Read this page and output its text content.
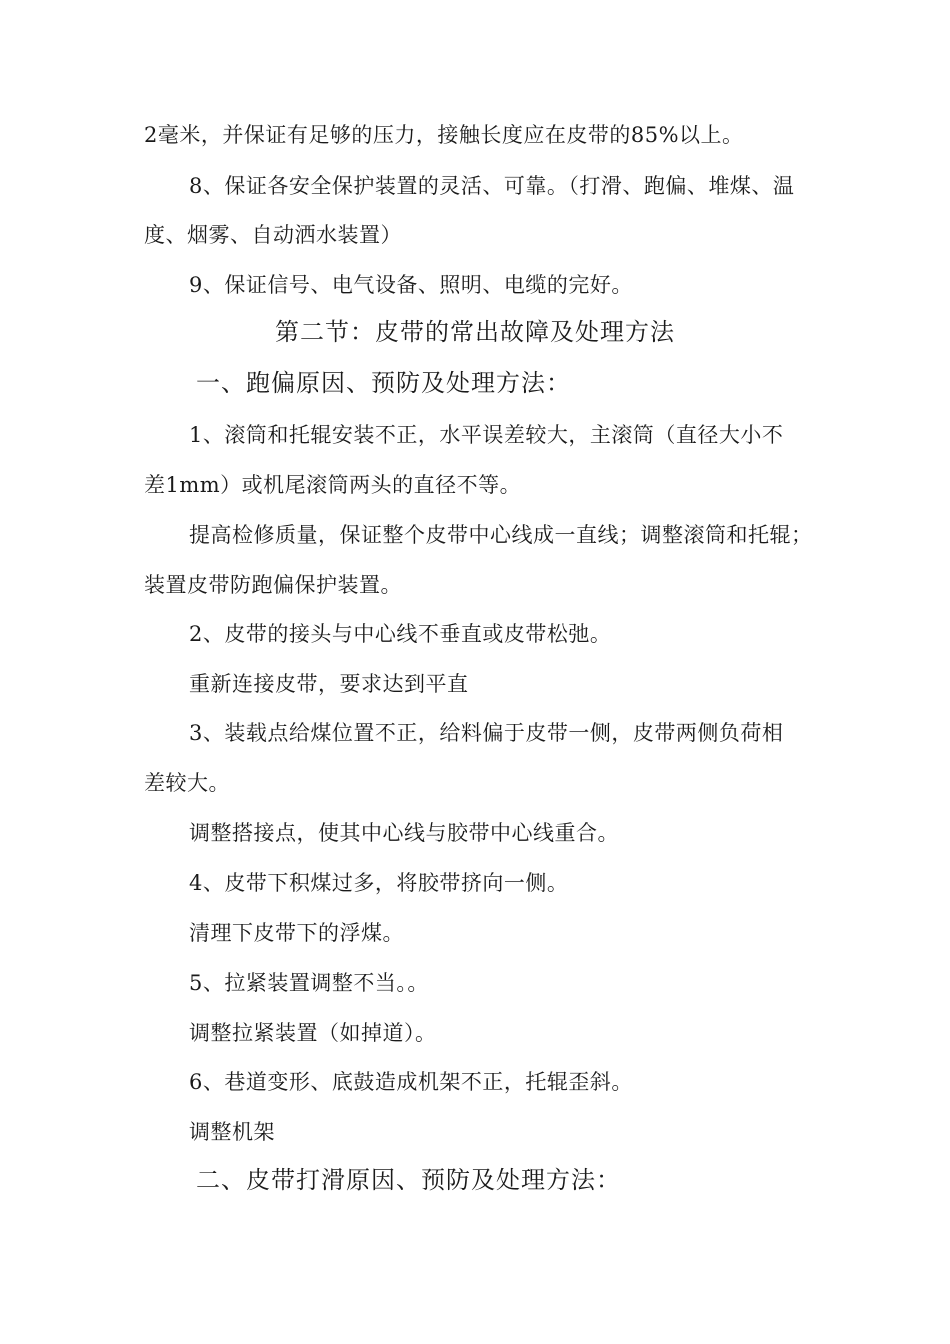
2毫米，并保证有足够的压力，接触长度应在皮带的85%以上。
8、保证各安全保护装置的灵活、可靠。（打滑、跑偏、堆煤、温
度、烟雾、自动洒水装置）
9、保证信号、电气设备、照明、电缆的完好。
第二节：皮带的常出故障及处理方法
一、跑偏原因、预防及处理方法：
1、滚筒和托辊安装不正，水平误差较大，主滚筒（直径大小不
差1mm）或机尾滚筒两头的直径不等。
提高检修质量，保证整个皮带中心线成一直线；调整滚筒和托辊；
装置皮带防跑偏保护装置。
2、皮带的接头与中心线不垂直或皮带松弛。
重新连接皮带，要求达到平直
3、装载点给煤位置不正，给料偏于皮带一侧，皮带两侧负荷相
差较大。
调整搭接点，使其中心线与胶带中心线重合。
4、皮带下积煤过多，将胶带挤向一侧。
清理下皮带下的浮煤。
5、拉紧装置调整不当。。
调整拉紧装置（如掉道）。
6、巷道变形、底鼓造成机架不正，托辊歪斜。
调整机架
二、皮带打滑原因、预防及处理方法：
